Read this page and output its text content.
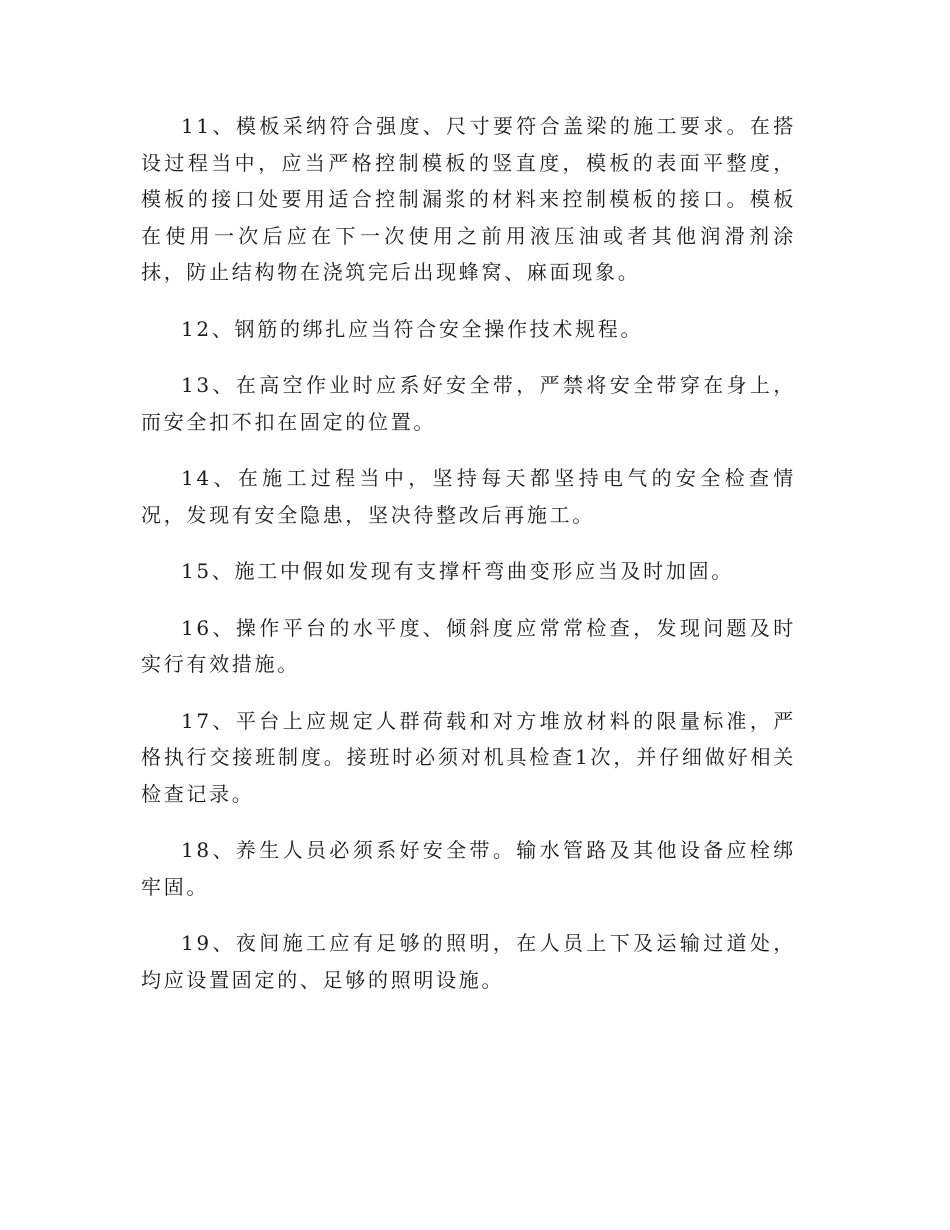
11、模板采纳符合强度、尺寸要符合盖梁的施工要求。在搭设过程当中，应当严格控制模板的竖直度，模板的表面平整度，模板的接口处要用适合控制漏浆的材料来控制模板的接口。模板在使用一次后应在下一次使用之前用液压油或者其他润滑剂涂抹，防止结构物在浇筑完后出现蜂窝、麻面现象。

12、钢筋的绑扎应当符合安全操作技术规程。

13、在高空作业时应系好安全带，严禁将安全带穿在身上，而安全扣不扣在固定的位置。

14、在施工过程当中，坚持每天都坚持电气的安全检查情况，发现有安全隐患，坚决待整改后再施工。

15、施工中假如发现有支撑杆弯曲变形应当及时加固。

16、操作平台的水平度、倾斜度应常常检查，发现问题及时实行有效措施。

17、平台上应规定人群荷载和对方堆放材料的限量标准，严格执行交接班制度。接班时必须对机具检查1次，并仔细做好相关检查记录。

18、养生人员必须系好安全带。输水管路及其他设备应栓绑牢固。

19、夜间施工应有足够的照明，在人员上下及运输过道处，均应设置固定的、足够的照明设施。
